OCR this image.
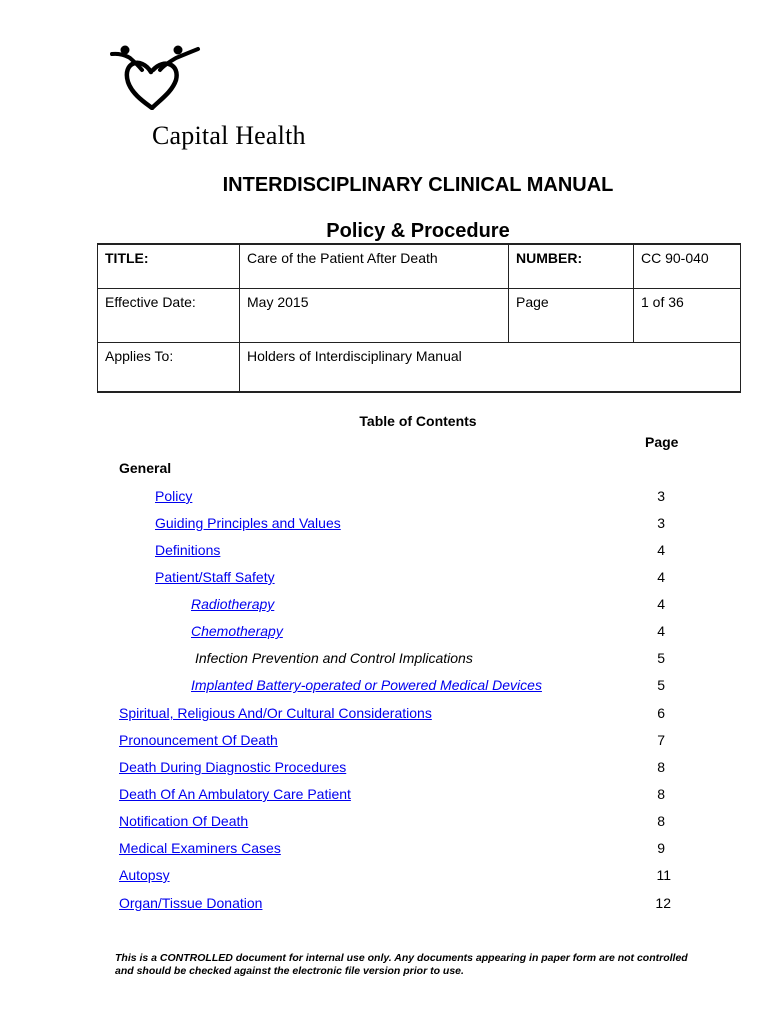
Capital Health
INTERDISCIPLINARY CLINICAL MANUAL
Policy & Procedure
TITLE:	Care of the Patient After Death	NUMBER:	CC 90-040
Effective Date:	May 2015	Page	1 of 36
Applies To:	Holders of Interdisciplinary Manual		
Table of Contents
Page
General
Policy	3
Guiding Principles and Values	3
Definitions	4
Patient/Staff Safety	4
Radiotherapy	4
Chemotherapy	4
Infection Prevention and Control Implications	5
Implanted Battery-operated or Powered Medical Devices	5
Spiritual, Religious And/Or Cultural Considerations	6
Pronouncement Of Death	7
Death During Diagnostic Procedures	8
Death Of An Ambulatory Care Patient	8
Notification Of Death	8
Medical Examiners Cases	9
Autopsy	11
Organ/Tissue Donation	12
This is a CONTROLLED document for internal use only. Any documents appearing in paper form are not controlled and should be checked against the electronic file version prior to use.
